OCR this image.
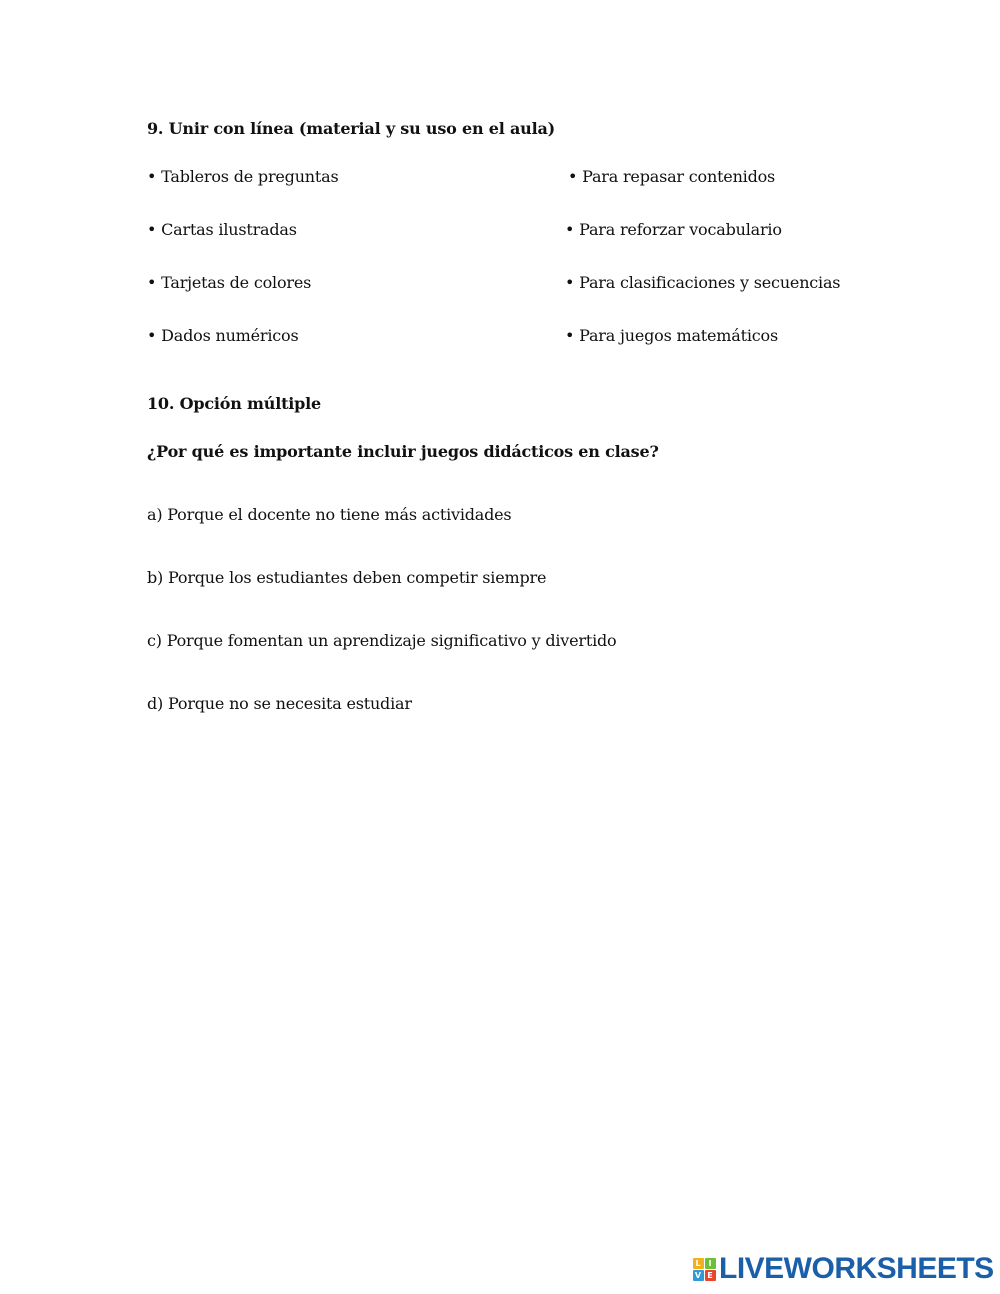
9. Unir con línea (material y su uso en el aula)
• Tableros de preguntas
• Cartas ilustradas
• Tarjetas de colores
• Dados numéricos
• Para repasar contenidos
• Para reforzar vocabulario
• Para clasificaciones y secuencias
• Para juegos matemáticos
10. Opción múltiple
¿Por qué es importante incluir juegos didácticos en clase?
a) Porque el docente no tiene más actividades
b) Porque los estudiantes deben competir siempre
c) Porque fomentan un aprendizaje significativo y divertido
d) Porque no se necesita estudiar
L I
V E LIVEWORKSHEETS
